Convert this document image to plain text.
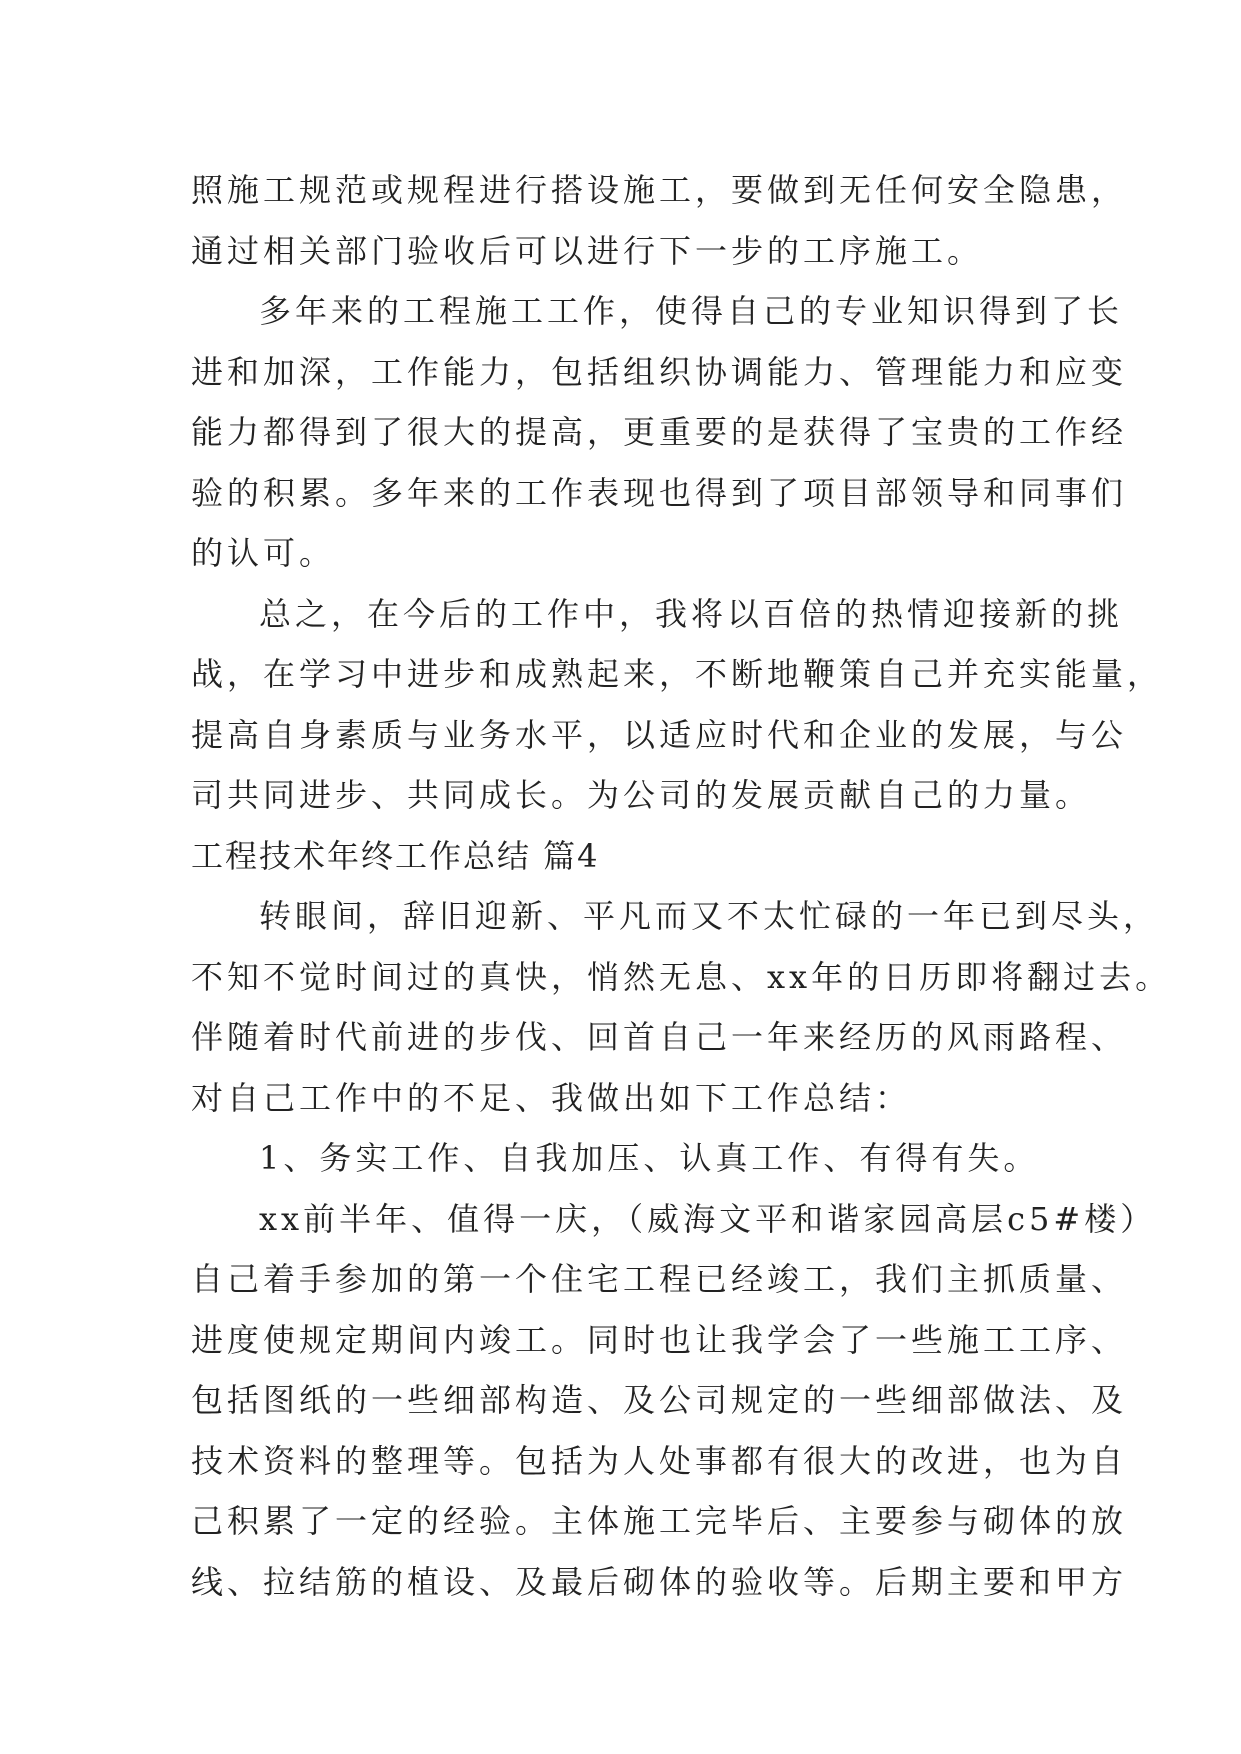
照施工规范或规程进行搭设施工，要做到无任何安全隐患，
通过相关部门验收后可以进行下一步的工序施工。
多年来的工程施工工作，使得自己的专业知识得到了长
进和加深，工作能力，包括组织协调能力、管理能力和应变
能力都得到了很大的提高，更重要的是获得了宝贵的工作经
验的积累。多年来的工作表现也得到了项目部领导和同事们
的认可。
总之，在今后的工作中，我将以百倍的热情迎接新的挑
战，在学习中进步和成熟起来，不断地鞭策自己并充实能量，
提高自身素质与业务水平，以适应时代和企业的发展，与公
司共同进步、共同成长。为公司的发展贡献自己的力量。
工程技术年终工作总结 篇4
转眼间，辞旧迎新、平凡而又不太忙碌的一年已到尽头，
不知不觉时间过的真快，悄然无息、xx年的日历即将翻过去。
伴随着时代前进的步伐、回首自己一年来经历的风雨路程、
对自己工作中的不足、我做出如下工作总结：
1、务实工作、自我加压、认真工作、有得有失。
xx前半年、值得一庆，（威海文平和谐家园高层c5#楼）
自己着手参加的第一个住宅工程已经竣工，我们主抓质量、
进度使规定期间内竣工。同时也让我学会了一些施工工序、
包括图纸的一些细部构造、及公司规定的一些细部做法、及
技术资料的整理等。包括为人处事都有很大的改进，也为自
己积累了一定的经验。主体施工完毕后、主要参与砌体的放
线、拉结筋的植设、及最后砌体的验收等。后期主要和甲方
